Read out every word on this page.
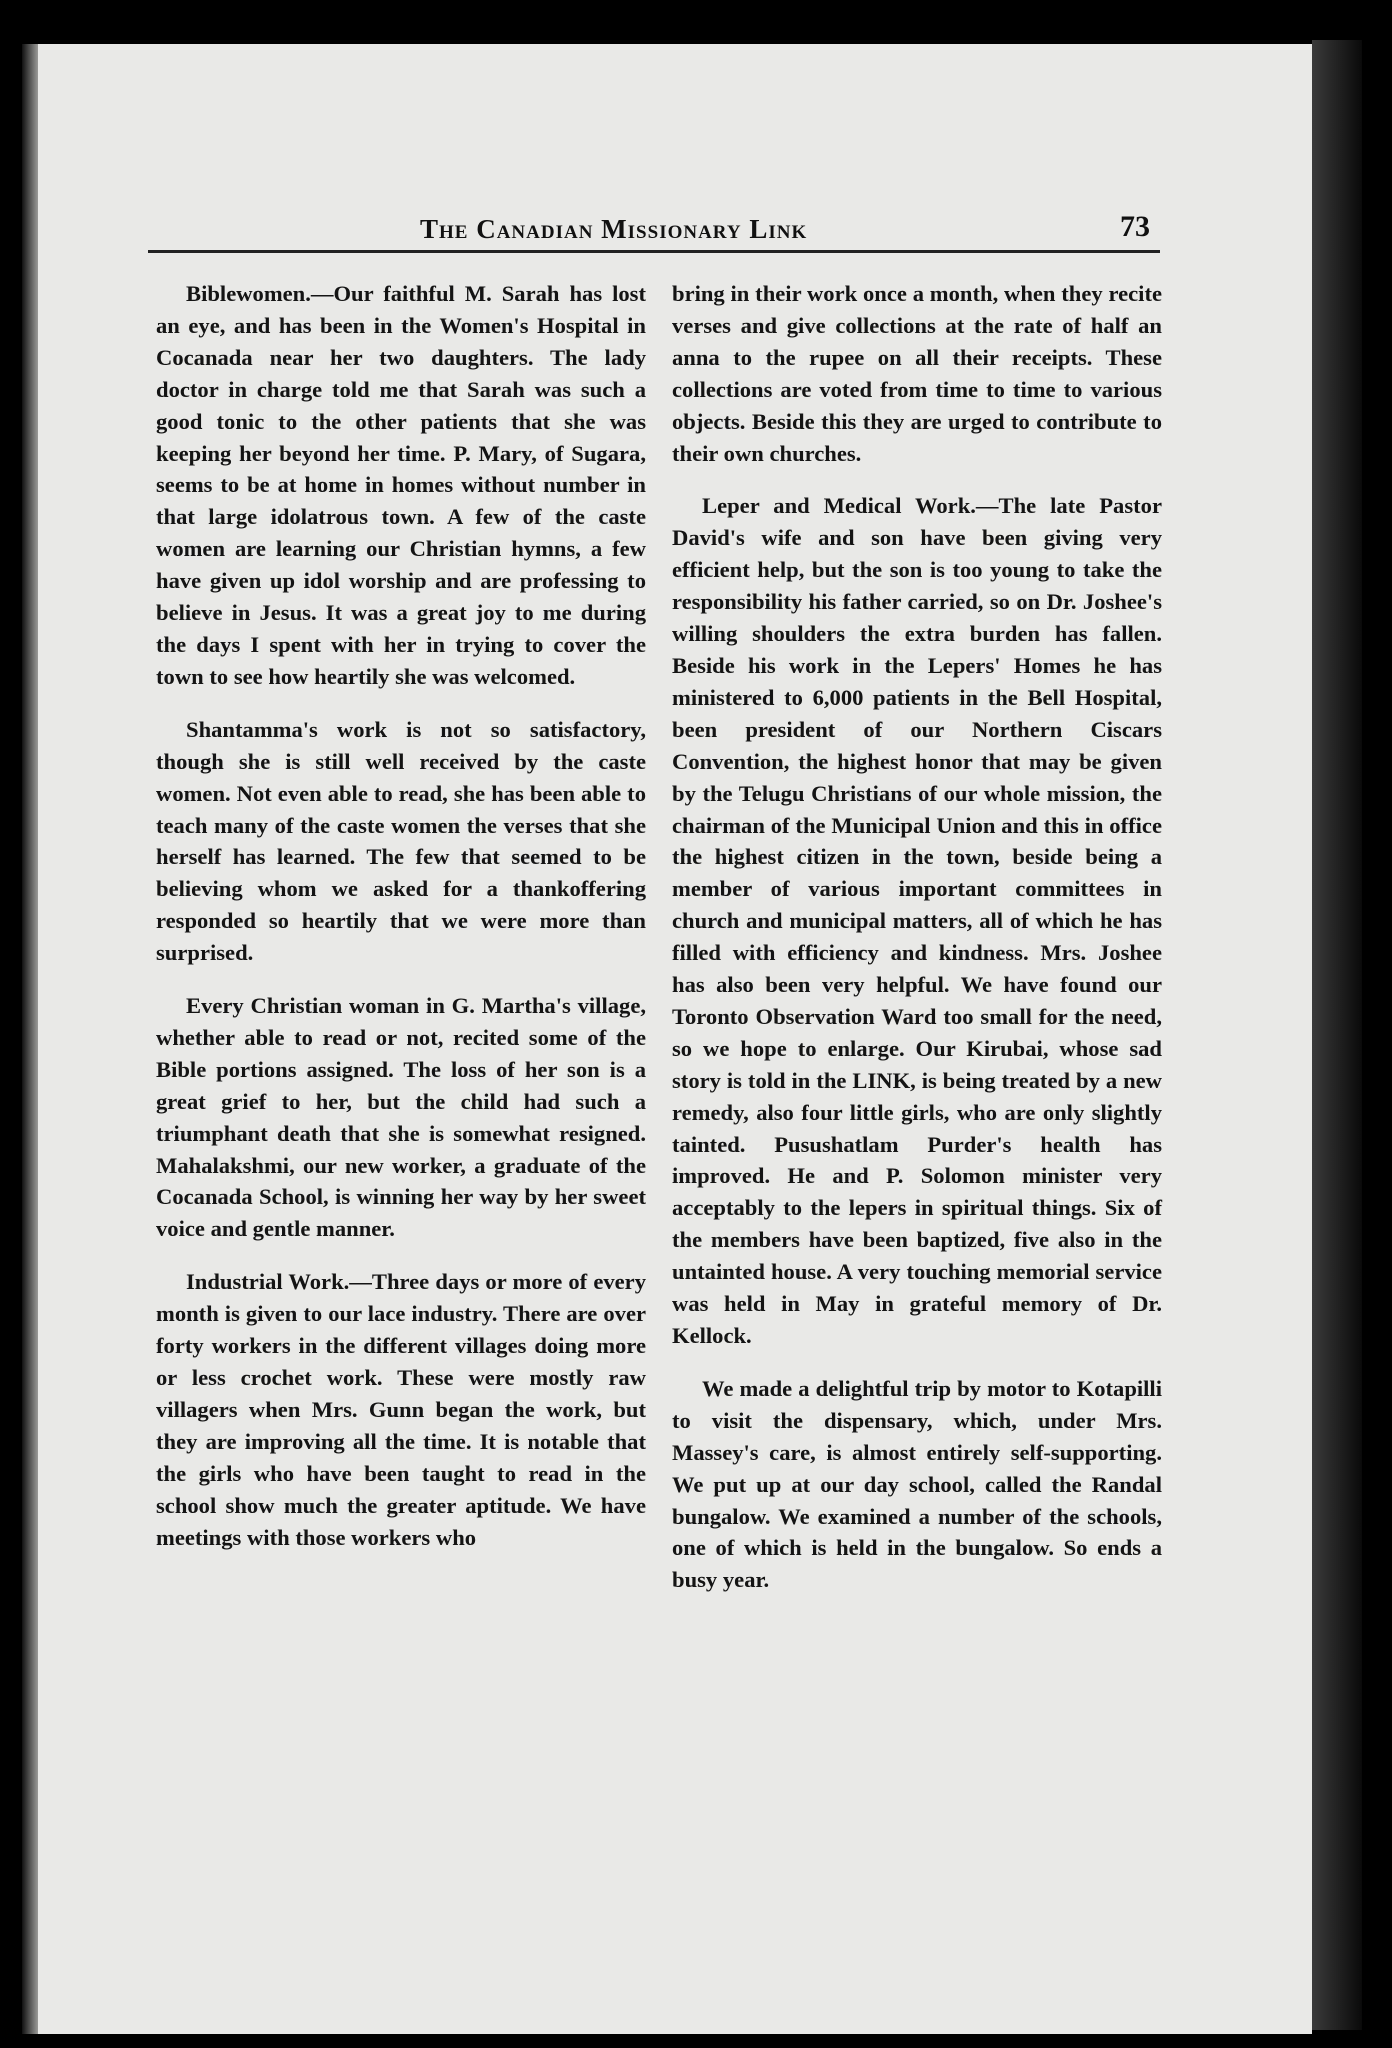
The Canadian Missionary Link	73

Biblewomen.—Our faithful M. Sarah has lost an eye, and has been in the Women's Hospital in Cocanada near her two daughters. The lady doctor in charge told me that Sarah was such a good tonic to the other patients that she was keeping her beyond her time. P. Mary, of Sugara, seems to be at home in homes without number in that large idolatrous town. A few of the caste women are learning our Christian hymns, a few have given up idol worship and are professing to believe in Jesus. It was a great joy to me during the days I spent with her in trying to cover the town to see how heartily she was welcomed.

Shantamma's work is not so satisfactory, though she is still well received by the caste women. Not even able to read, she has been able to teach many of the caste women the verses that she herself has learned. The few that seemed to be believing whom we asked for a thankoffering responded so heartily that we were more than surprised.

Every Christian woman in G. Martha's village, whether able to read or not, recited some of the Bible portions assigned. The loss of her son is a great grief to her, but the child had such a triumphant death that she is somewhat resigned. Mahalakshmi, our new worker, a graduate of the Cocanada School, is winning her way by her sweet voice and gentle manner.

Industrial Work.—Three days or more of every month is given to our lace industry. There are over forty workers in the different villages doing more or less crochet work. These were mostly raw villagers when Mrs. Gunn began the work, but they are improving all the time. It is notable that the girls who have been taught to read in the school show much the greater aptitude. We have meetings with those workers who

bring in their work once a month, when they recite verses and give collections at the rate of half an anna to the rupee on all their receipts. These collections are voted from time to time to various objects. Beside this they are urged to contribute to their own churches.

Leper and Medical Work.—The late Pastor David's wife and son have been giving very efficient help, but the son is too young to take the responsibility his father carried, so on Dr. Joshee's willing shoulders the extra burden has fallen. Beside his work in the Lepers' Homes he has ministered to 6,000 patients in the Bell Hospital, been president of our Northern Ciscars Convention, the highest honor that may be given by the Telugu Christians of our whole mission, the chairman of the Municipal Union and this in office the highest citizen in the town, beside being a member of various important committees in church and municipal matters, all of which he has filled with efficiency and kindness. Mrs. Joshee has also been very helpful. We have found our Toronto Observation Ward too small for the need, so we hope to enlarge. Our Kirubai, whose sad story is told in the LINK, is being treated by a new remedy, also four little girls, who are only slightly tainted. Pusushatlam Purder's health has improved. He and P. Solomon minister very acceptably to the lepers in spiritual things. Six of the members have been baptized, five also in the untainted house. A very touching memorial service was held in May in grateful memory of Dr. Kellock.

We made a delightful trip by motor to Kotapilli to visit the dispensary, which, under Mrs. Massey's care, is almost entirely self-supporting. We put up at our day school, called the Randal bungalow. We examined a number of the schools, one of which is held in the bungalow. So ends a busy year.
